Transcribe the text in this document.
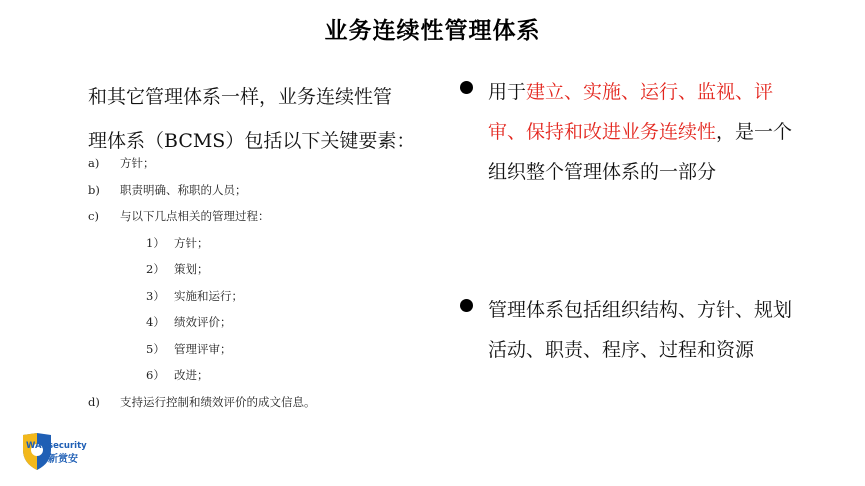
业务连续性管理体系
和其它管理体系一样，业务连续性管
理体系（BCMS）包括以下关键要素：
a) 方针；
b) 职责明确、称职的人员；
c) 与以下几点相关的管理过程：
1） 方针；
2） 策划；
3） 实施和运行；
4） 绩效评价；
5） 管理评审；
6） 改进；
d) 支持运行控制和绩效评价的成文信息。
用于建立、实施、运行、监视、评审、保持和改进业务连续性，是一个组织整个管理体系的一部分
管理体系包括组织结构、方针、规划活动、职责、程序、过程和资源
WABsecurity
新赏安
